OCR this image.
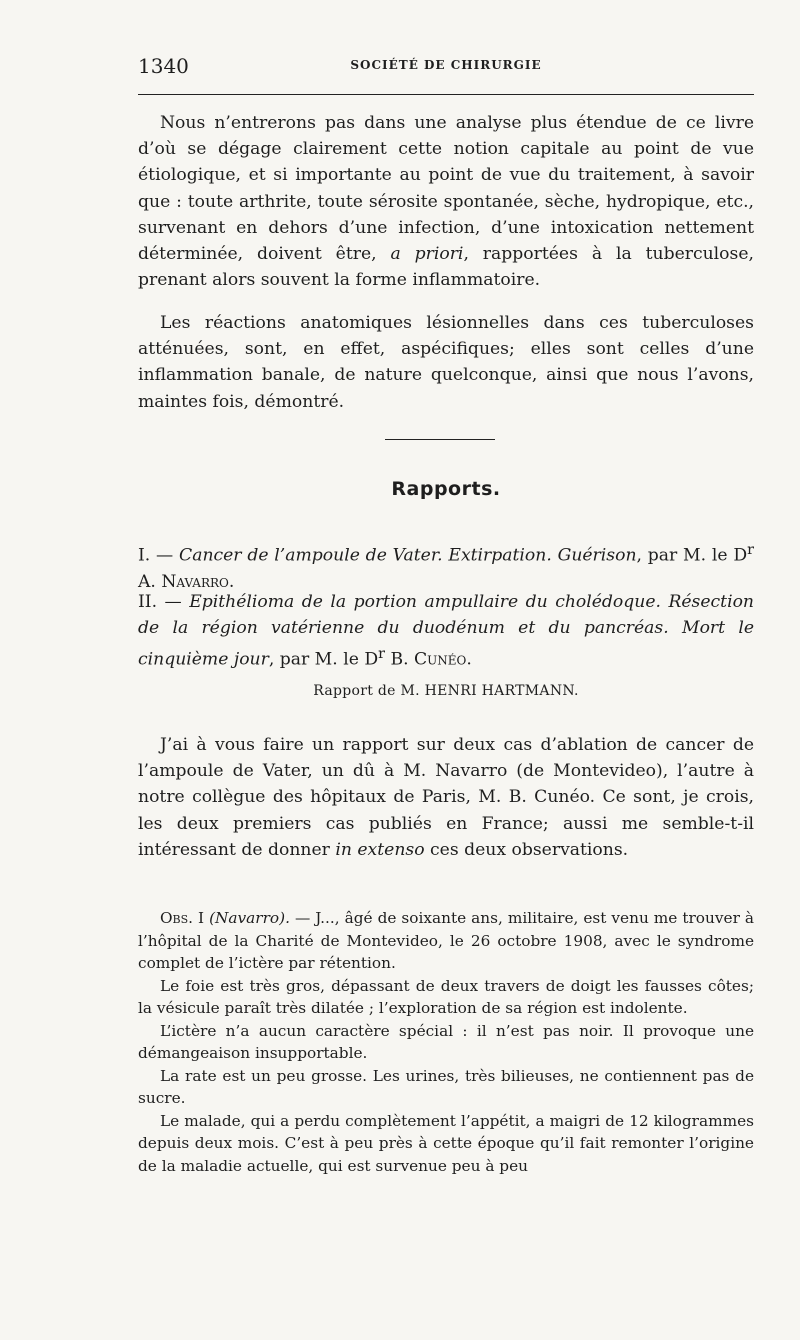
1340	SOCIÉTÉ DE CHIRURGIE

Nous n’entrerons pas dans une analyse plus étendue de ce livre d’où se dégage clairement cette notion capitale au point de vue étiologique, et si importante au point de vue du traitement, à savoir que : toute arthrite, toute sérosite spontanée, sèche, hydropique, etc., survenant en dehors d’une infection, d’une intoxication nettement déterminée, doivent être, a priori, rapportées à la tuberculose, prenant alors souvent la forme inflammatoire.

Les réactions anatomiques lésionnelles dans ces tuberculoses atténuées, sont, en effet, aspécifiques; elles sont celles d’une inflammation banale, de nature quelconque, ainsi que nous l’avons, maintes fois, démontré.

Rapports.

I. — Cancer de l’ampoule de Vater. Extirpation. Guérison, par M. le $D^r$ A. Navarro.

II. — Epithélioma de la portion ampullaire du cholédoque. Résection de la région vatérienne du duodénum et du pancréas. Mort le cinquième jour, par M. le $D^r$ B. Cunéo.

Rapport de M. HENRI HARTMANN.

J’ai à vous faire un rapport sur deux cas d’ablation de cancer de l’ampoule de Vater, un dû à M. Navarro (de Montevideo), l’autre à notre collègue des hôpitaux de Paris, M. B. Cunéo. Ce sont, je crois, les deux premiers cas publiés en France; aussi me semble-t-il intéressant de donner in extenso ces deux observations.

Obs. I (Navarro). — J..., âgé de soixante ans, militaire, est venu me trouver à l’hôpital de la Charité de Montevideo, le 26 octobre 1908, avec le syndrome complet de l’ictère par rétention.

Le foie est très gros, dépassant de deux travers de doigt les fausses côtes; la vésicule paraît très dilatée ; l’exploration de sa région est indolente.

L’ictère n’a aucun caractère spécial : il n’est pas noir. Il provoque une démangeaison insupportable.

La rate est un peu grosse. Les urines, très bilieuses, ne contiennent pas de sucre.

Le malade, qui a perdu complètement l’appétit, a maigri de 12 kilogrammes depuis deux mois. C’est à peu près à cette époque qu’il fait remonter l’origine de la maladie actuelle, qui est survenue peu à peu
